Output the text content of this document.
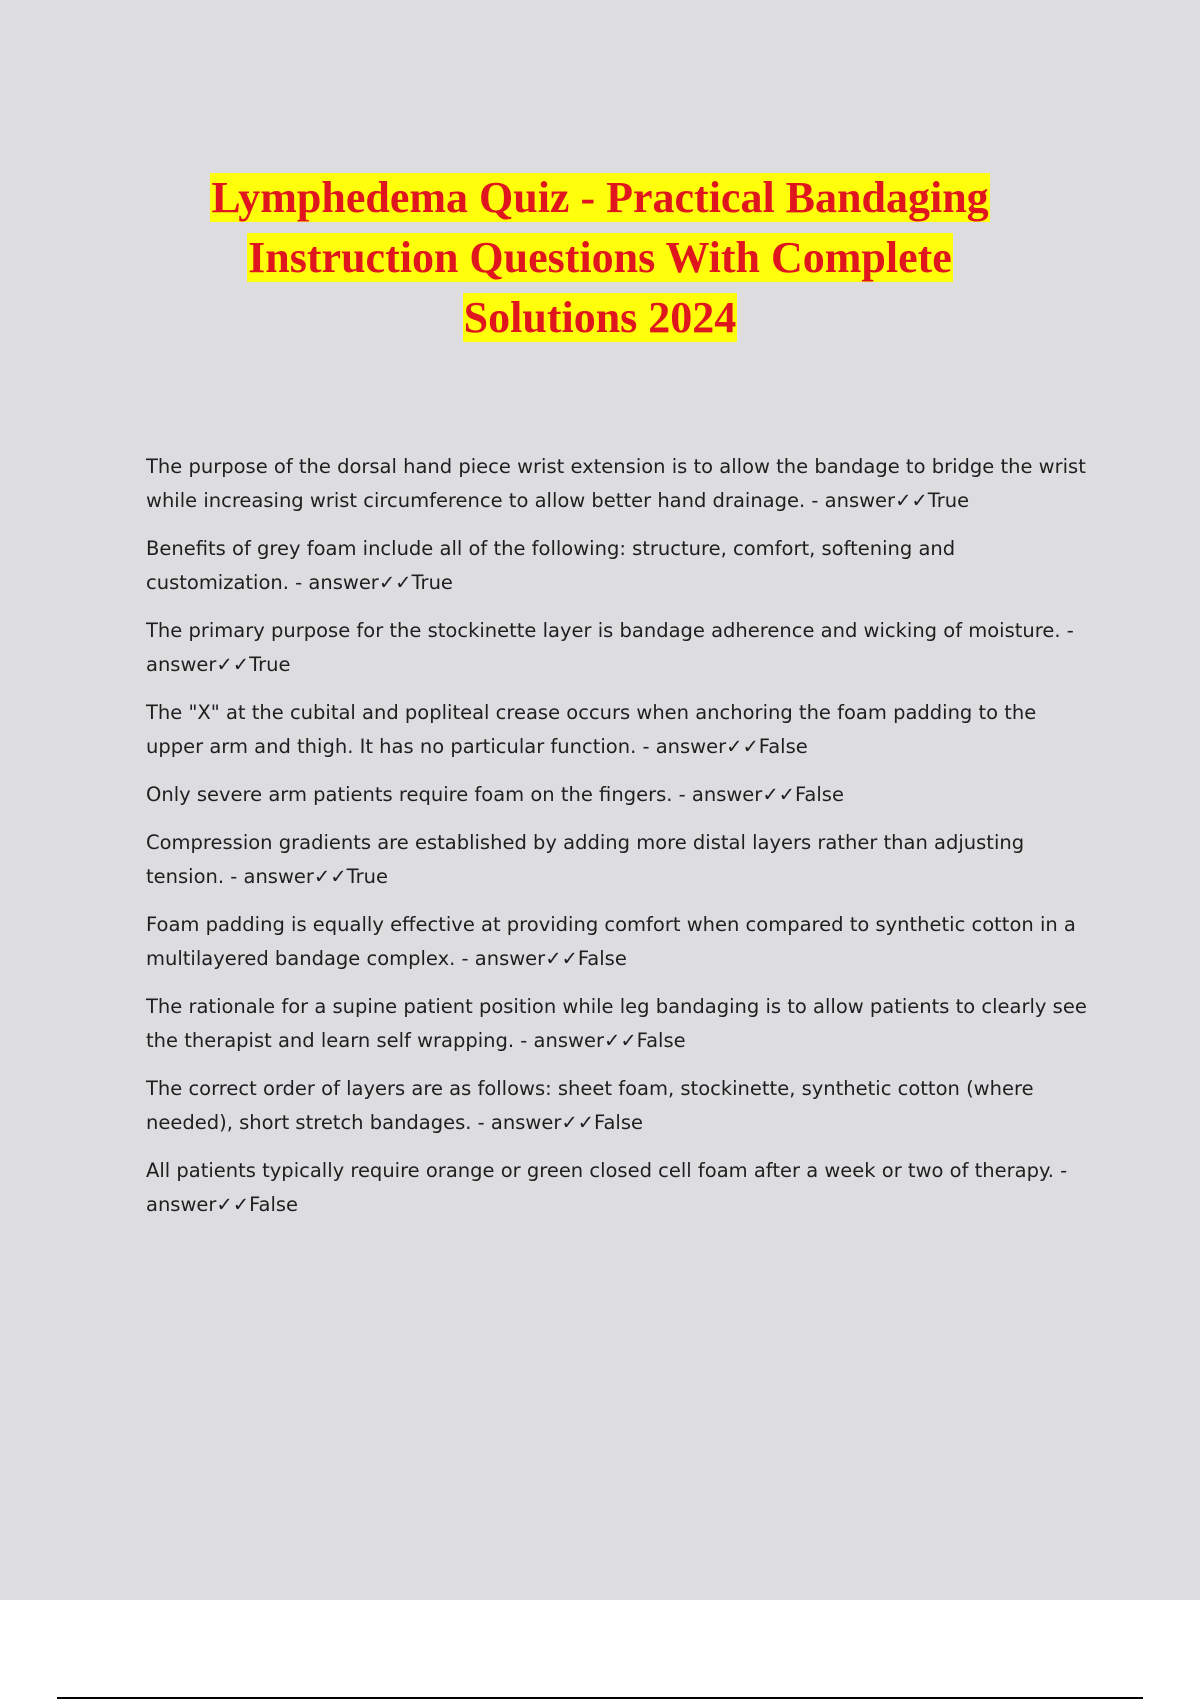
Lymphedema Quiz - Practical Bandaging
Instruction Questions With Complete
Solutions 2024

The purpose of the dorsal hand piece wrist extension is to allow the bandage to bridge the wrist while increasing wrist circumference to allow better hand drainage. - answer✓✓True

Benefits of grey foam include all of the following: structure, comfort, softening and customization. - answer✓✓True

The primary purpose for the stockinette layer is bandage adherence and wicking of moisture. - answer✓✓True

The "X" at the cubital and popliteal crease occurs when anchoring the foam padding to the upper arm and thigh. It has no particular function. - answer✓✓False

Only severe arm patients require foam on the fingers. - answer✓✓False

Compression gradients are established by adding more distal layers rather than adjusting tension. - answer✓✓True

Foam padding is equally effective at providing comfort when compared to synthetic cotton in a multilayered bandage complex. - answer✓✓False

The rationale for a supine patient position while leg bandaging is to allow patients to clearly see the therapist and learn self wrapping. - answer✓✓False

The correct order of layers are as follows: sheet foam, stockinette, synthetic cotton (where needed), short stretch bandages. - answer✓✓False

All patients typically require orange or green closed cell foam after a week or two of therapy. - answer✓✓False
